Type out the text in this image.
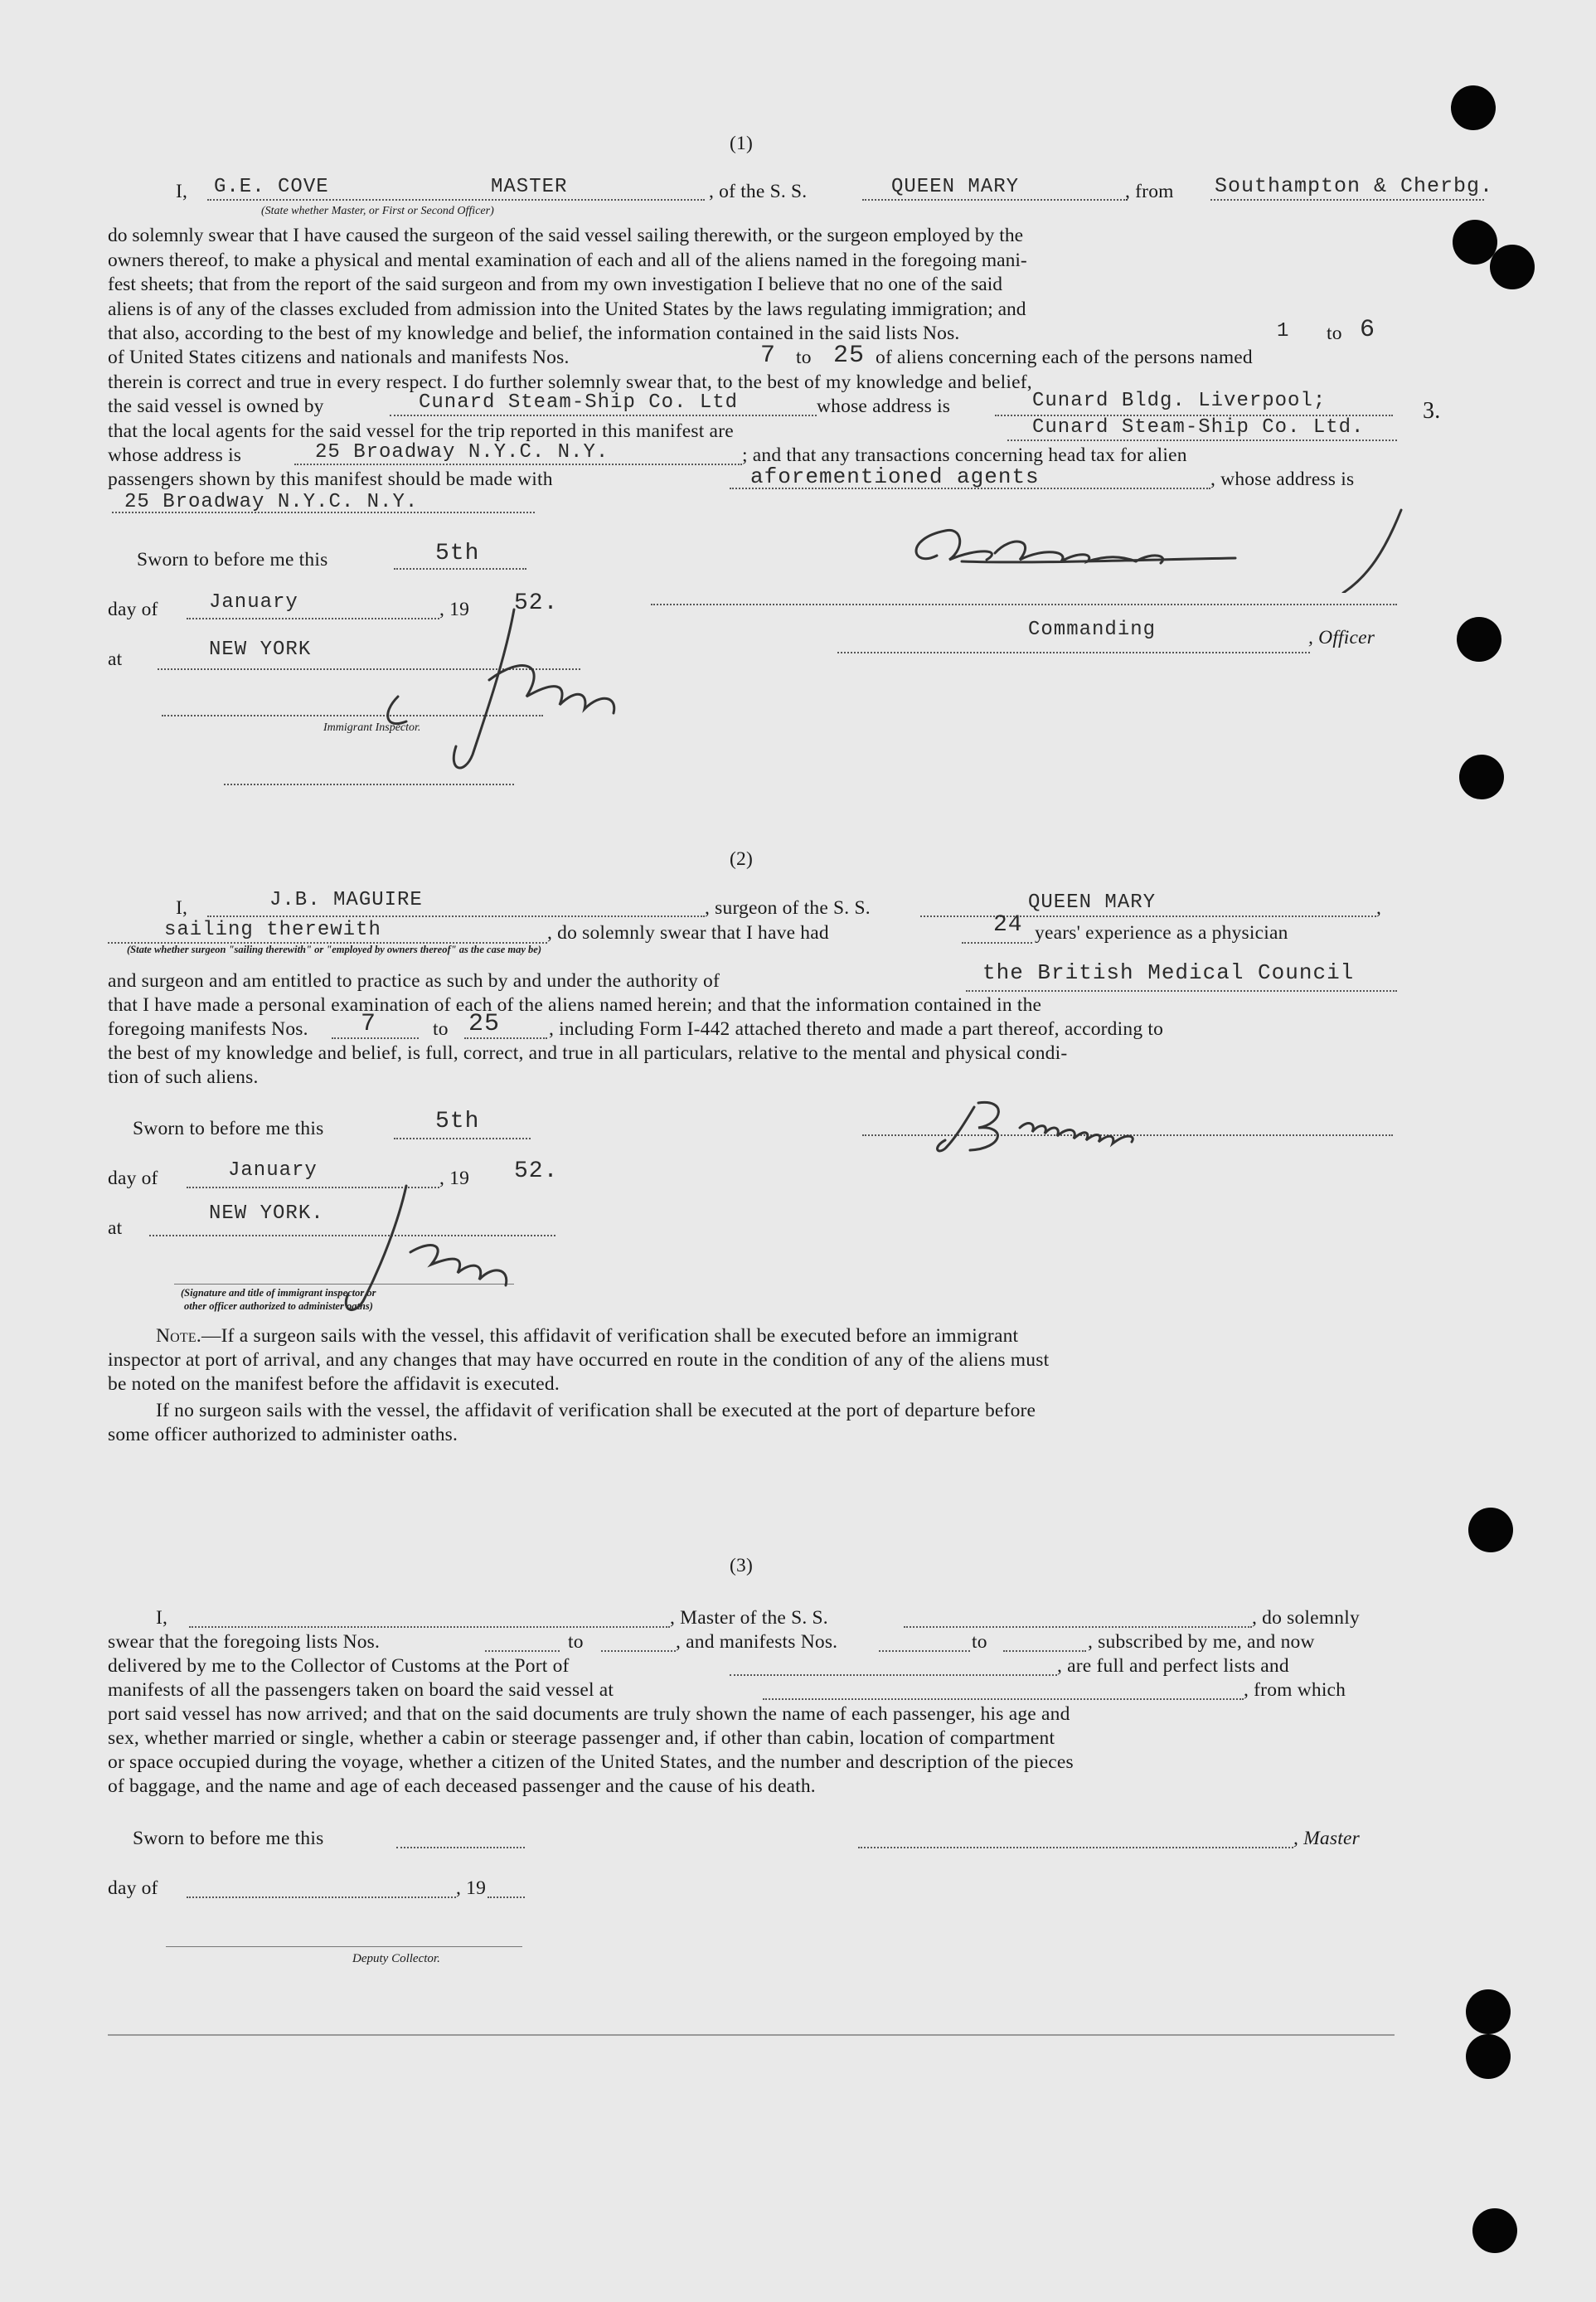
(1)
I, G.E. COVE	MASTER	, of the S. S.	QUEEN MARY	, from Southampton & Cherbg.
(State whether Master, or First or Second Officer)
do solemnly swear that I have caused the surgeon of the said vessel sailing therewith, or the surgeon employed by the
owners thereof, to make a physical and mental examination of each and all of the aliens named in the foregoing mani-
fest sheets; that from the report of the said surgeon and from my own investigation I believe that no one of the said
aliens is of any of the classes excluded from admission into the United States by the laws regulating immigration; and
that also, according to the best of my knowledge and belief, the information contained in the said lists Nos.	1 to 6
of United States citizens and nationals and manifests Nos.	7 to 25 of aliens concerning each of the persons named
therein is correct and true in every respect. I do further solemnly swear that, to the best of my knowledge and belief,
the said vessel is owned by	Cunard Steam-Ship Co. Ltd	whose address is	Cunard Bldg. Liverpool;	3.
that the local agents for the said vessel for the trip reported in this manifest are	Cunard Steam-Ship Co. Ltd.
whose address is	25 Broadway N.Y.C. N.Y.	; and that any transactions concerning head tax for alien
passengers shown by this manifest should be made with	aforementioned agents	, whose address is
25 Broadway N.Y.C. N.Y.
Sworn to before me this	5th
day of	January	, 19 52.
at	NEW YORK
Commanding	, Officer
Immigrant Inspector.
(2)
I,	J.B. MAGUIRE	, surgeon of the S. S.	QUEEN MARY	,
sailing therewith	, do solemnly swear that I have had	24 years' experience as a physician
(State whether surgeon "sailing therewith" or "employed by owners thereof" as the case may be)
and surgeon and am entitled to practice as such by and under the authority of	the British Medical Council
that I have made a personal examination of each of the aliens named herein; and that the information contained in the
foregoing manifests Nos. 7	to 25	, including Form I-442 attached thereto and made a part thereof, according to
the best of my knowledge and belief, is full, correct, and true in all particulars, relative to the mental and physical condi-
tion of such aliens.
Sworn to before me this	5th
day of	January	, 19 52.
at
NEW YORK.
(Signature and title of immigrant inspector or
other officer authorized to administer oaths)
Note.—If a surgeon sails with the vessel, this affidavit of verification shall be executed before an immigrant
inspector at port of arrival, and any changes that may have occurred en route in the condition of any of the aliens must
be noted on the manifest before the affidavit is executed.
If no surgeon sails with the vessel, the affidavit of verification shall be executed at the port of departure before
some officer authorized to administer oaths.
(3)
I,	, Master of the S. S.	, do solemnly
swear that the foregoing lists Nos.	to	, and manifests Nos.	to	, subscribed by me, and now
delivered by me to the Collector of Customs at the Port of	, are full and perfect lists and
manifests of all the passengers taken on board the said vessel at	, from which
port said vessel has now arrived; and that on the said documents are truly shown the name of each passenger, his age and
sex, whether married or single, whether a cabin or steerage passenger and, if other than cabin, location of compartment
or space occupied during the voyage, whether a citizen of the United States, and the number and description of the pieces
of baggage, and the name and age of each deceased passenger and the cause of his death.
Sworn to before me this	, Master
day of	, 19
Deputy Collector.
